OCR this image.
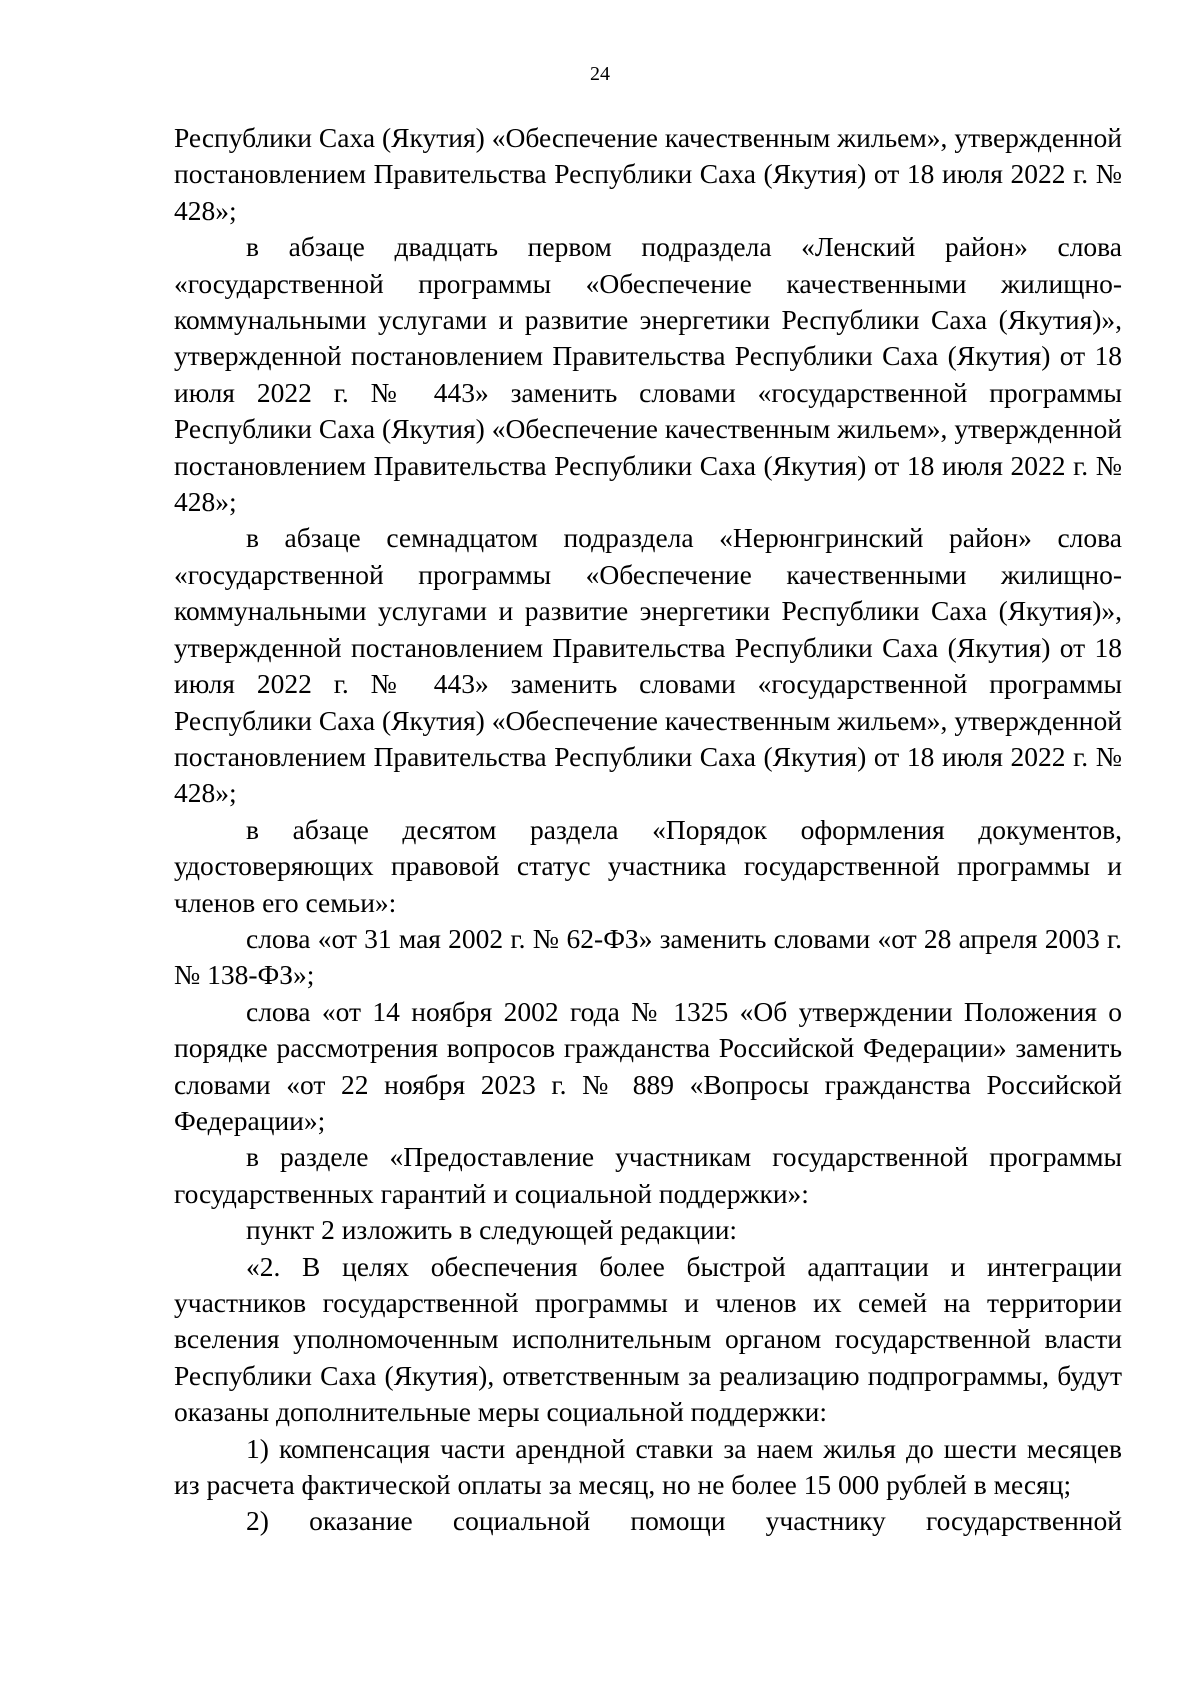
24

Республики Саха (Якутия) «Обеспечение качественным жильем», утвержденной постановлением Правительства Республики Саха (Якутия) от 18 июля 2022 г. № 428»;

в абзаце двадцать первом подраздела «Ленский район» слова «государственной программы «Обеспечение качественными жилищно-коммунальными услугами и развитие энергетики Республики Саха (Якутия)», утвержденной постановлением Правительства Республики Саха (Якутия) от 18 июля 2022 г. № 443» заменить словами «государственной программы Республики Саха (Якутия) «Обеспечение качественным жильем», утвержденной постановлением Правительства Республики Саха (Якутия) от 18 июля 2022 г. № 428»;

в абзаце семнадцатом подраздела «Нерюнгринский район» слова «государственной программы «Обеспечение качественными жилищно-коммунальными услугами и развитие энергетики Республики Саха (Якутия)», утвержденной постановлением Правительства Республики Саха (Якутия) от 18 июля 2022 г. № 443» заменить словами «государственной программы Республики Саха (Якутия) «Обеспечение качественным жильем», утвержденной постановлением Правительства Республики Саха (Якутия) от 18 июля 2022 г. № 428»;

в абзаце десятом раздела «Порядок оформления документов, удостоверяющих правовой статус участника государственной программы и членов его семьи»:

слова «от 31 мая 2002 г. № 62-ФЗ» заменить словами «от 28 апреля 2003 г. № 138-ФЗ»;

слова «от 14 ноября 2002 года № 1325 «Об утверждении Положения о порядке рассмотрения вопросов гражданства Российской Федерации» заменить словами «от 22 ноября 2023 г. № 889 «Вопросы гражданства Российской Федерации»;

в разделе «Предоставление участникам государственной программы государственных гарантий и социальной поддержки»:

пункт 2 изложить в следующей редакции:

«2. В целях обеспечения более быстрой адаптации и интеграции участников государственной программы и членов их семей на территории вселения уполномоченным исполнительным органом государственной власти Республики Саха (Якутия), ответственным за реализацию подпрограммы, будут оказаны дополнительные меры социальной поддержки:

1) компенсация части арендной ставки за наем жилья до шести месяцев из расчета фактической оплаты за месяц, но не более 15 000 рублей в месяц;

2) оказание социальной помощи участнику государственной
